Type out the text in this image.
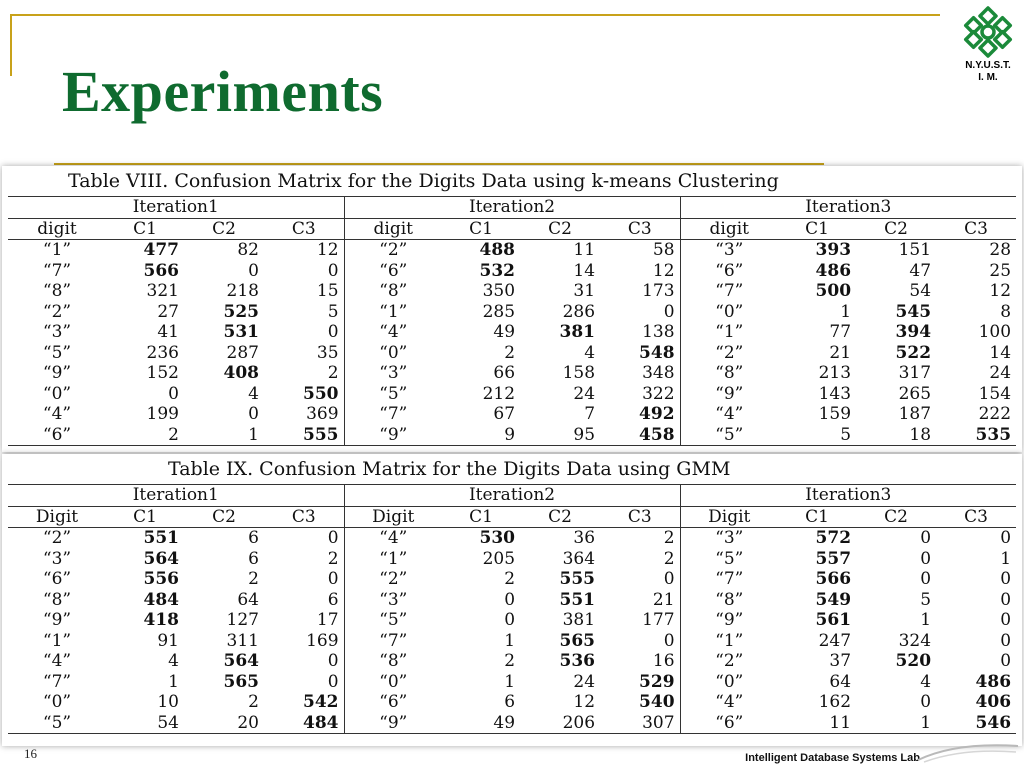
Experiments	N.Y.U.S.T.
I. M.
Table VIII. Confusion Matrix for the Digits Data using k-means Clustering
Iteration1				Iteration2				Iteration3			
digit	C1	C2	C3	digit	C1	C2	C3	digit	C1	C2	C3
“1”	477	82	12	“2”	488	11	58	“3”	393	151	28
“7”	566	0	0	“6”	532	14	12	“6”	486	47	25
“8”	321	218	15	“8”	350	31	173	“7”	500	54	12
“2”	27	525	5	“1”	285	286	0	“0”	1	545	8
“3”	41	531	0	“4”	49	381	138	“1”	77	394	100
“5”	236	287	35	“0”	2	4	548	“2”	21	522	14
“9”	152	408	2	“3”	66	158	348	“8”	213	317	24
“0”	0	4	550	“5”	212	24	322	“9”	143	265	154
“4”	199	0	369	“7”	67	7	492	“4”	159	187	222
“6”	2	1	555	“9”	9	95	458	“5”	5	18	535
Table IX. Confusion Matrix for the Digits Data using GMM
Iteration1				Iteration2				Iteration3			
Digit	C1	C2	C3	Digit	C1	C2	C3	Digit	C1	C2	C3
“2”	551	6	0	“4”	530	36	2	“3”	572	0	0
“3”	564	6	2	“1”	205	364	2	“5”	557	0	1
“6”	556	2	0	“2”	2	555	0	“7”	566	0	0
“8”	484	64	6	“3”	0	551	21	“8”	549	5	0
“9”	418	127	17	“5”	0	381	177	“9”	561	1	0
“1”	91	311	169	“7”	1	565	0	“1”	247	324	0
“4”	4	564	0	“8”	2	536	16	“2”	37	520	0
“7”	1	565	0	“0”	1	24	529	“0”	64	4	486
“0”	10	2	542	“6”	6	12	540	“4”	162	0	406
“5”	54	20	484	“9”	49	206	307	“6”	11	1	546
16	Intelligent Database Systems Lab
